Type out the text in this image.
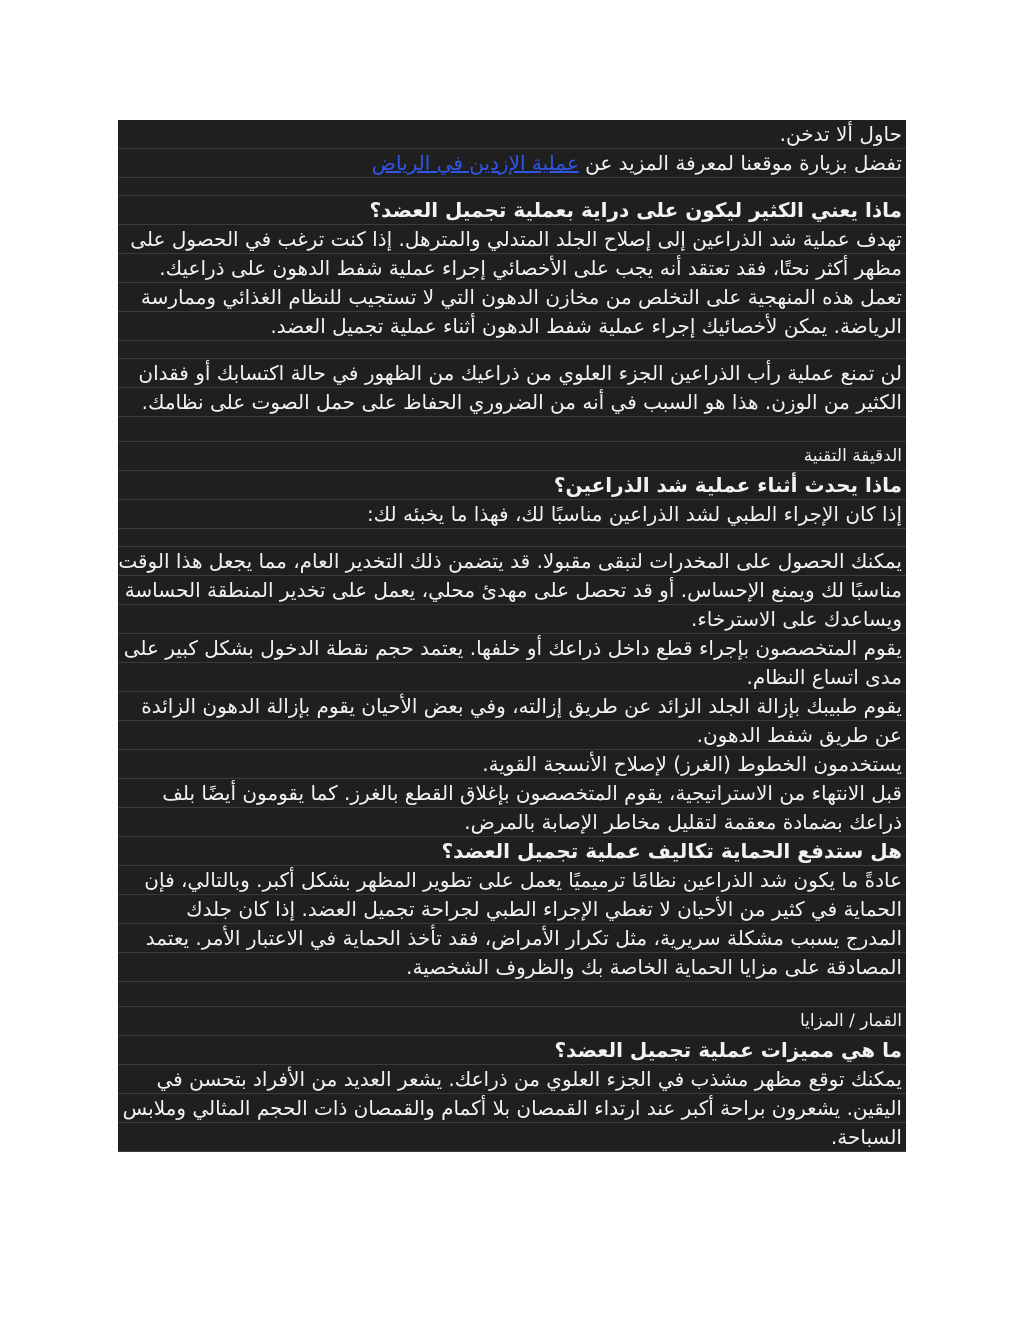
حاول ألا تدخن.
تفضل بزيارة موقعنا لمعرفة المزيد عن عملية الإزدين في الرياض
ماذا يعني الكثير ليكون على دراية بعملية تجميل العضد؟
تهدف عملية شد الذراعين إلى إصلاح الجلد المتدلي والمترهل. إذا كنت ترغب في الحصول على
مظهر أكثر نحتًا، فقد تعتقد أنه يجب على الأخصائي إجراء عملية شفط الدهون على ذراعيك.
تعمل هذه المنهجية على التخلص من مخازن الدهون التي لا تستجيب للنظام الغذائي وممارسة
الرياضة. يمكن لأخصائيك إجراء عملية شفط الدهون أثناء عملية تجميل العضد.
لن تمنع عملية رأب الذراعين الجزء العلوي من ذراعيك من الظهور في حالة اكتسابك أو فقدان
الكثير من الوزن. هذا هو السبب في أنه من الضروري الحفاظ على حمل الصوت على نظامك.
الدقيقة التقنية
ماذا يحدث أثناء عملية شد الذراعين؟
إذا كان الإجراء الطبي لشد الذراعين مناسبًا لك، فهذا ما يخبئه لك:
يمكنك الحصول على المخدرات لتبقى مقبولا. قد يتضمن ذلك التخدير العام، مما يجعل هذا الوقت
مناسبًا لك ويمنع الإحساس. أو قد تحصل على مهدئ محلي، يعمل على تخدير المنطقة الحساسة
ويساعدك على الاسترخاء.
يقوم المتخصصون بإجراء قطع داخل ذراعك أو خلفها. يعتمد حجم نقطة الدخول بشكل كبير على
مدى اتساع النظام.
يقوم طبيبك بإزالة الجلد الزائد عن طريق إزالته، وفي بعض الأحيان يقوم بإزالة الدهون الزائدة
عن طريق شفط الدهون.
يستخدمون الخطوط (الغرز) لإصلاح الأنسجة القوية.
قبل الانتهاء من الاستراتيجية، يقوم المتخصصون بإغلاق القطع بالغرز. كما يقومون أيضًا بلف
ذراعك بضمادة معقمة لتقليل مخاطر الإصابة بالمرض.
هل ستدفع الحماية تكاليف عملية تجميل العضد؟
عادةً ما يكون شد الذراعين نظامًا ترميميًا يعمل على تطوير المظهر بشكل أكبر. وبالتالي، فإن
الحماية في كثير من الأحيان لا تغطي الإجراء الطبي لجراحة تجميل العضد. إذا كان جلدك
المدرج يسبب مشكلة سريرية، مثل تكرار الأمراض، فقد تأخذ الحماية في الاعتبار الأمر. يعتمد
المصادقة على مزايا الحماية الخاصة بك والظروف الشخصية.
القمار / المزايا
ما هي مميزات عملية تجميل العضد؟
يمكنك توقع مظهر مشذب في الجزء العلوي من ذراعك. يشعر العديد من الأفراد بتحسن في
اليقين. يشعرون براحة أكبر عند ارتداء القمصان بلا أكمام والقمصان ذات الحجم المثالي وملابس
السباحة.
